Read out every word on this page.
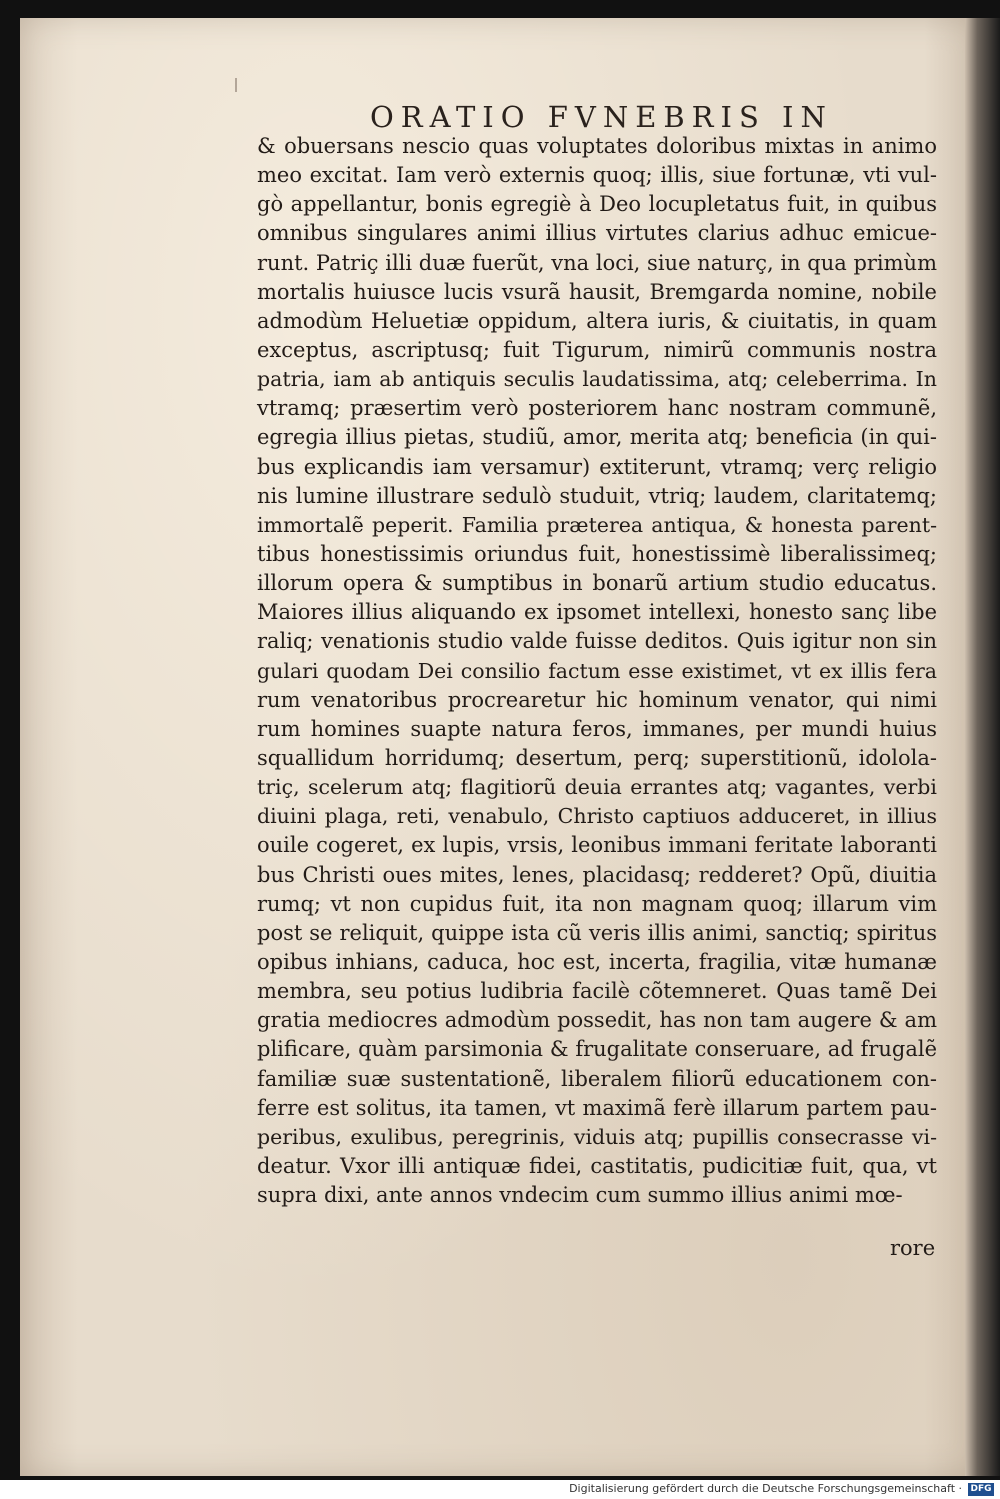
ORATIO FVNEBRIS IN
& obuersans nescio quas voluptates doloribus mixtas in animo
meo excitat. Iam verò externis quoq; illis, siue fortunæ, vti vul-
gò appellantur, bonis egregiè à Deo locupletatus fuit, in quibus
omnibus singulares animi illius virtutes clarius adhuc emicue-
runt. Patriç illi duæ fuerũt, vna loci, siue naturç, in qua primùm
mortalis huiusce lucis vsurã hausit, Bremgarda nomine, nobile
admodùm Heluetiæ oppidum, altera iuris, & ciuitatis, in quam
exceptus, ascriptusq; fuit Tigurum, nimirũ communis nostra
patria, iam ab antiquis seculis laudatissima, atq; celeberrima. In
vtramq; præsertim verò posteriorem hanc nostram communẽ,
egregia illius pietas, studiũ, amor, merita atq; beneficia (in qui-
bus explicandis iam versamur) extiterunt, vtramq; verç religio
nis lumine illustrare sedulò studuit, vtriq; laudem, claritatemq;
immortalẽ peperit. Familia præterea antiqua, & honesta parent-
tibus honestissimis oriundus fuit, honestissimè liberalissimeq;
illorum opera & sumptibus in bonarũ artium studio educatus.
Maiores illius aliquando ex ipsomet intellexi, honesto sanç libe
raliq; venationis studio valde fuisse deditos. Quis igitur non sin
gulari quodam Dei consilio factum esse existimet, vt ex illis fera
rum venatoribus procrearetur hic hominum venator, qui nimi
rum homines suapte natura feros, immanes, per mundi huius
squallidum horridumq; desertum, perq; superstitionũ, idolola-
triç, scelerum atq; flagitiorũ deuia errantes atq; vagantes, verbi
diuini plaga, reti, venabulo, Christo captiuos adduceret, in illius
ouile cogeret, ex lupis, vrsis, leonibus immani feritate laboranti
bus Christi oues mites, lenes, placidasq; redderet? Opũ, diuitia
rumq; vt non cupidus fuit, ita non magnam quoq; illarum vim
post se reliquit, quippe ista cũ veris illis animi, sanctiq; spiritus
opibus inhians, caduca, hoc est, incerta, fragilia, vitæ humanæ
membra, seu potius ludibria facilè cõtemneret. Quas tamẽ Dei
gratia mediocres admodùm possedit, has non tam augere & am
plificare, quàm parsimonia & frugalitate conseruare, ad frugalẽ
familiæ suæ sustentationẽ, liberalem filiorũ educationem con-
ferre est solitus, ita tamen, vt maximã ferè illarum partem pau-
peribus, exulibus, peregrinis, viduis atq; pupillis consecrasse vi-
deatur. Vxor illi antiquæ fidei, castitatis, pudicitiæ fuit, qua, vt
supra dixi, ante annos vndecim cum summo illius animi mœ-
rore
Digitalisierung gefördert durch die Deutsche Forschungsgemeinschaft · DFG
